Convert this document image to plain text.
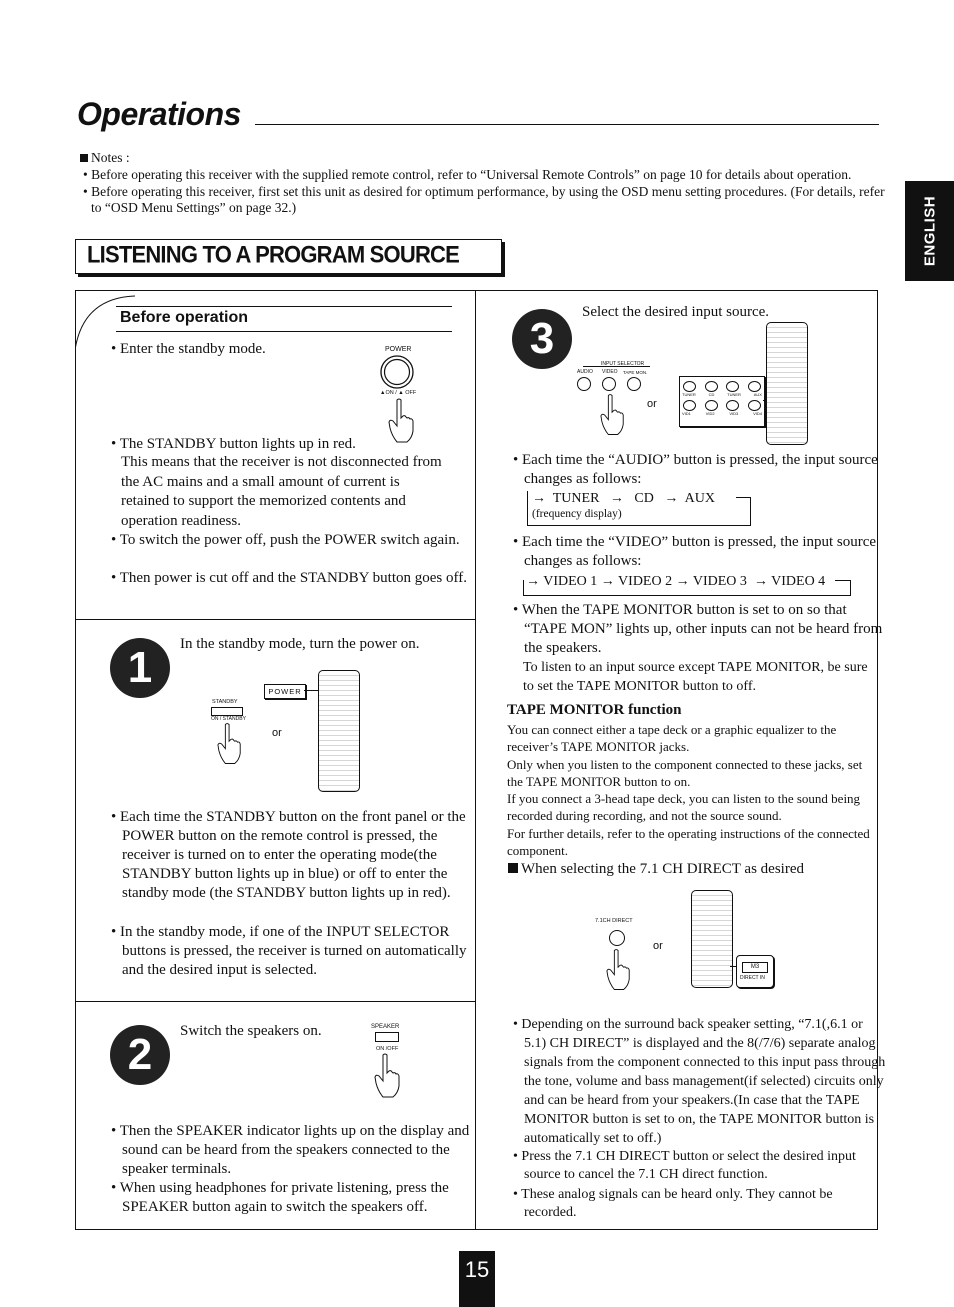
Operations
ENGLISH
Notes :
• Before operating this receiver with the supplied remote control, refer to “Universal Remote Controls” on page 10 for details about operation.
• Before operating this receiver, first set this unit as desired for optimum performance, by using the OSD menu setting procedures. (For details, refer to “OSD Menu Settings” on page 32.)
LISTENING TO A PROGRAM SOURCE
Before operation
• Enter the standby mode.	POWER
▲ON / ▲ OFF
• The STANDBY button lights up in red.
This means that the receiver is not disconnected from the AC mains and a small amount of current is retained to support the memorized contents and operation readiness.
• To switch the power off, push the POWER switch again.
• Then power is cut off and the STANDBY button goes off.
1	In the standby mode, turn the power on.
STANDBY
ON / STANDBY
or
POWER
• Each time the STANDBY button on the front panel or the POWER button on the remote control is pressed, the receiver is turned on to enter the operating mode(the STANDBY button lights up in blue) or off to enter the standby mode (the STANDBY button lights up in red).
• In the standby mode, if one of the INPUT SELECTOR buttons is pressed, the receiver is turned on automatically and the desired input is selected.
2	Switch the speakers on.	SPEAKER
ON /OFF
• Then the SPEAKER indicator lights up on the display and sound can be heard from the speakers connected to the speaker terminals.
• When using headphones for private listening, press the SPEAKER button again to switch the speakers off.
3
Select the desired input source.
INPUT SELECTOR
AUDIO VIDEO TAPE MON.
or
TUNER	CD	TUNER	AUX
VID1	VID2	VID3	VID4
• Each time the “AUDIO” button is pressed, the input source changes as follows:
→  TUNER   →   CD   →  AUX
(frequency display)
• Each time the “VIDEO” button is pressed, the input source changes as follows:
→ VIDEO 1 → VIDEO 2 → VIDEO 3  → VIDEO 4
• When the TAPE MONITOR button is set to on so that “TAPE MON” lights up, other inputs can not be heard from the speakers.
To listen to an input source except TAPE MONITOR, be sure to set the TAPE MONITOR button to off.
TAPE MONITOR function
You can connect either a tape deck or a graphic equalizer to the receiver’s TAPE MONITOR jacks.
Only when you listen to the component connected to these jacks, set the TAPE MONITOR button to on.
If you connect a 3-head tape deck, you can listen to the sound being recorded during recording, and not the source sound.
For further details, refer to the operating instructions of the connected component.
When selecting the 7.1 CH DIRECT as desired
7.1CH DIRECT
or
M3
DIRECT IN
• Depending on the surround back speaker setting, “7.1(,6.1 or 5.1) CH DIRECT” is displayed and the 8(/7/6) separate analog signals from the component connected to this input pass through the tone, volume and bass management(if selected) circuits only and can be heard from your speakers.(In case that the TAPE MONITOR button is set to on, the TAPE MONITOR button is automatically set to off.)
• Press the 7.1 CH DIRECT button or select the desired input source to cancel the 7.1 CH direct function.
• These analog signals can be heard only. They cannot be recorded.
15
